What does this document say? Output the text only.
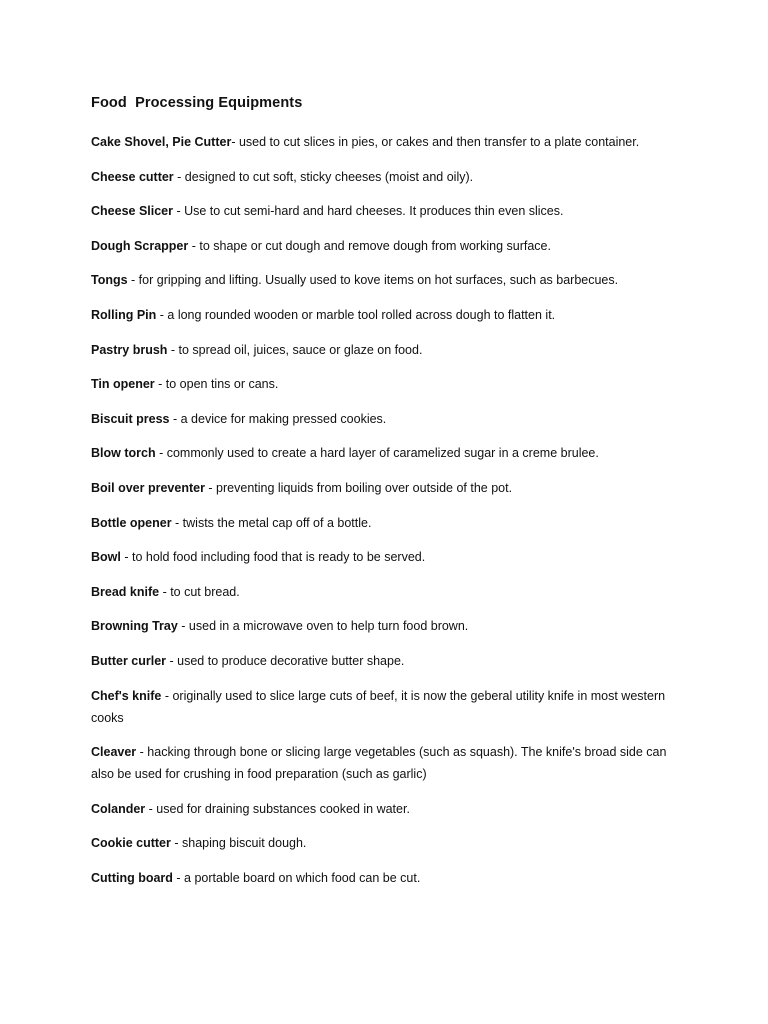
Food  Processing Equipments

Cake Shovel, Pie Cutter- used to cut slices in pies, or cakes and then transfer to a plate container.

Cheese cutter - designed to cut soft, sticky cheeses (moist and oily).

Cheese Slicer - Use to cut semi-hard and hard cheeses. It produces thin even slices.

Dough Scrapper - to shape or cut dough and remove dough from working surface.

Tongs - for gripping and lifting. Usually used to kove items on hot surfaces, such as barbecues.

Rolling Pin - a long rounded wooden or marble tool rolled across dough to flatten it.

Pastry brush - to spread oil, juices, sauce or glaze on food.

Tin opener - to open tins or cans.

Biscuit press - a device for making pressed cookies.

Blow torch - commonly used to create a hard layer of caramelized sugar in a creme brulee.

Boil over preventer - preventing liquids from boiling over outside of the pot.

Bottle opener - twists the metal cap off of a bottle.

Bowl - to hold food including food that is ready to be served.

Bread knife - to cut bread.

Browning Tray - used in a microwave oven to help turn food brown.

Butter curler - used to produce decorative butter shape.

Chef's knife - originally used to slice large cuts of beef, it is now the geberal utility knife in most western cooks

Cleaver - hacking through bone or slicing large vegetables (such as squash). The knife's broad side can also be used for crushing in food preparation (such as garlic)

Colander - used for draining substances cooked in water.

Cookie cutter - shaping biscuit dough.

Cutting board - a portable board on which food can be cut.
